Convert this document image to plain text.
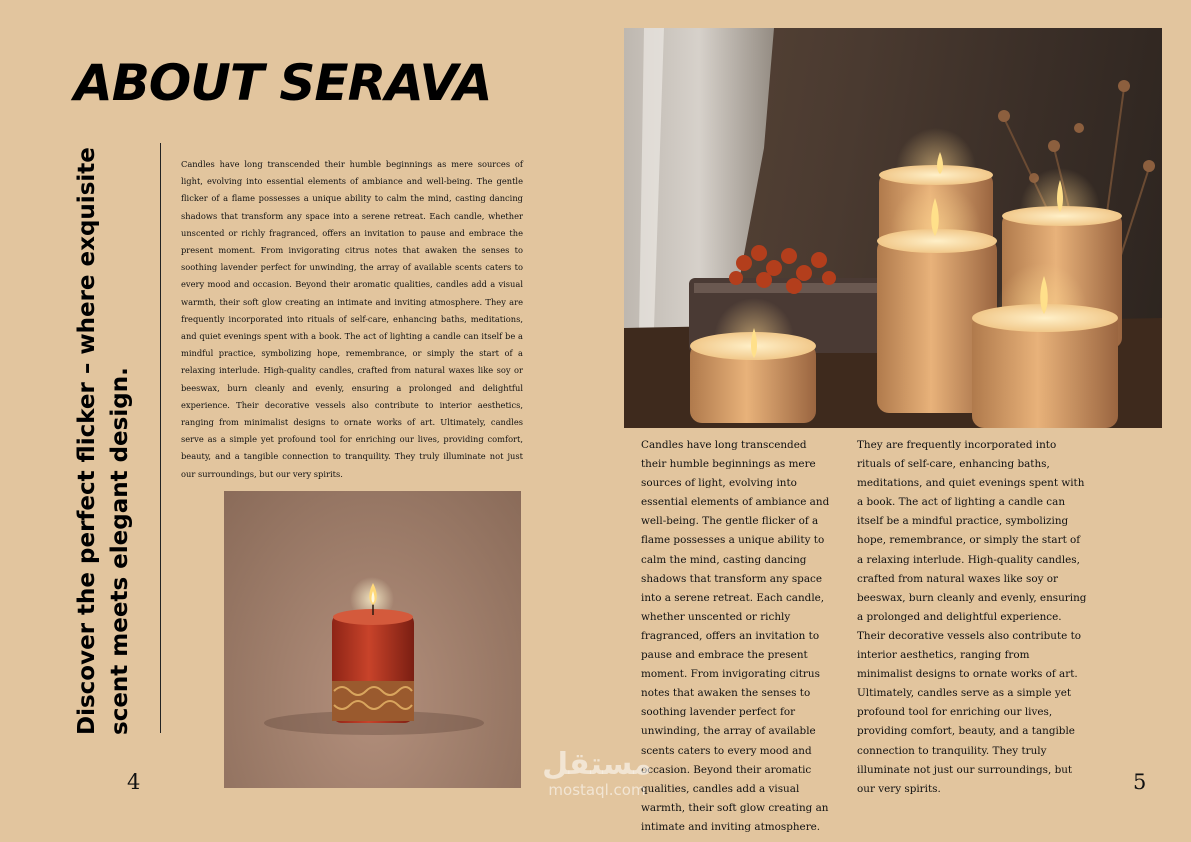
ABOUT SERAVA
Discover the perfect flicker – where exquisite scent meets elegant design.

Candles have long transcended their humble beginnings as mere sources of light, evolving into essential elements of ambiance and well-being. The gentle flicker of a flame possesses a unique ability to calm the mind, casting dancing shadows that transform any space into a serene retreat. Each candle, whether unscented or richly fragranced, offers an invitation to pause and embrace the present moment. From invigorating citrus notes that awaken the senses to soothing lavender perfect for unwinding, the array of available scents caters to every mood and occasion. Beyond their aromatic qualities, candles add a visual warmth, their soft glow creating an intimate and inviting atmosphere. They are frequently incorporated into rituals of self-care, enhancing baths, meditations, and quiet evenings spent with a book. The act of lighting a candle can itself be a mindful practice, symbolizing hope, remembrance, or simply the start of a relaxing interlude. High-quality candles, crafted from natural waxes like soy or beeswax, burn cleanly and evenly, ensuring a prolonged and delightful experience. Their decorative vessels also contribute to interior aesthetics, ranging from minimalist designs to ornate works of art. Ultimately, candles serve as a simple yet profound tool for enriching our lives, providing comfort, beauty, and a tangible connection to tranquility. They truly illuminate not just our surroundings, but our very spirits.

4

Candles have long transcended their humble beginnings as mere sources of light, evolving into essential elements of ambiance and well-being. The gentle flicker of a flame possesses a unique ability to calm the mind, casting dancing shadows that transform any space into a serene retreat. Each candle, whether unscented or richly fragranced, offers an invitation to pause and embrace the present moment. From invigorating citrus notes that awaken the senses to soothing lavender perfect for unwinding, the array of available scents caters to every mood and occasion. Beyond their aromatic qualities, candles add a visual warmth, their soft glow creating an intimate and inviting atmosphere.

They are frequently incorporated into rituals of self-care, enhancing baths, meditations, and quiet evenings spent with a book. The act of lighting a candle can itself be a mindful practice, symbolizing hope, remembrance, or simply the start of a relaxing interlude. High-quality candles, crafted from natural waxes like soy or beeswax, burn cleanly and evenly, ensuring a prolonged and delightful experience. Their decorative vessels also contribute to interior aesthetics, ranging from minimalist designs to ornate works of art. Ultimately, candles serve as a simple yet profound tool for enriching our lives, providing comfort, beauty, and a tangible connection to tranquility. They truly illuminate not just our surroundings, but our very spirits.	5
مستقل
mostaql.com
